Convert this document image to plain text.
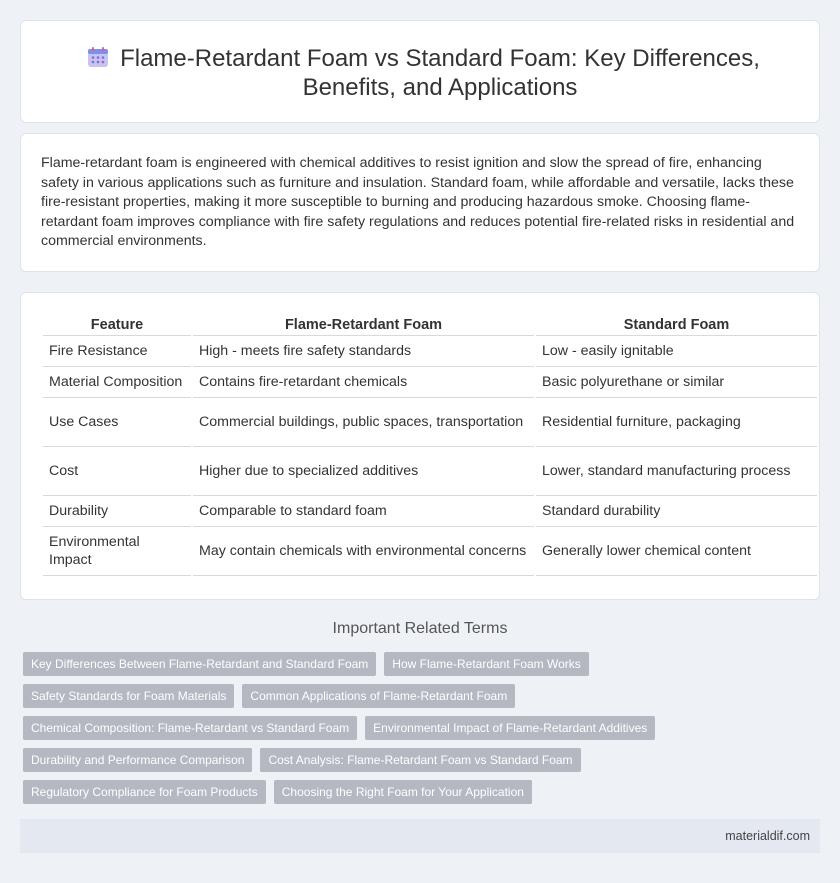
Flame-Retardant Foam vs Standard Foam: Key Differences, Benefits, and Applications

Flame-retardant foam is engineered with chemical additives to resist ignition and slow the spread of fire, enhancing safety in various applications such as furniture and insulation. Standard foam, while affordable and versatile, lacks these fire-resistant properties, making it more susceptible to burning and producing hazardous smoke. Choosing flame-retardant foam improves compliance with fire safety regulations and reduces potential fire-related risks in residential and commercial environments.

Feature	Flame-Retardant Foam	Standard Foam
Fire Resistance	High - meets fire safety standards	Low - easily ignitable
Material Composition	Contains fire-retardant chemicals	Basic polyurethane or similar
Use Cases	Commercial buildings, public spaces, transportation	Residential furniture, packaging
Cost	Higher due to specialized additives	Lower, standard manufacturing process
Durability	Comparable to standard foam	Standard durability
Environmental Impact	May contain chemicals with environmental concerns	Generally lower chemical content
Important Related Terms
Key Differences Between Flame-Retardant and Standard Foam	How Flame-Retardant Foam Works
Safety Standards for Foam Materials	Common Applications of Flame-Retardant Foam
Chemical Composition: Flame-Retardant vs Standard Foam	Environmental Impact of Flame-Retardant Additives
Durability and Performance Comparison	Cost Analysis: Flame-Retardant Foam vs Standard Foam
Regulatory Compliance for Foam Products	Choosing the Right Foam for Your Application
materialdif.com
